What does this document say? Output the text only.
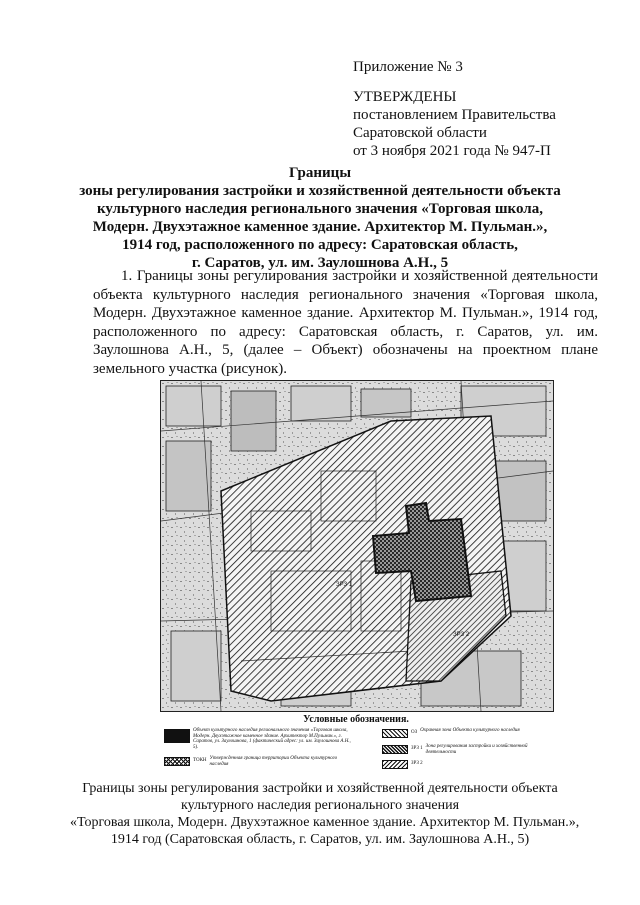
Приложение № 3
УТВЕРЖДЕНЫ
постановлением Правительства
Саратовской области
от 3 ноября 2021 года № 947-П
Границы
зоны регулирования застройки и хозяйственной деятельности объекта
культурного наследия регионального значения «Торговая школа,
Модерн. Двухэтажное каменное здание. Архитектор М. Пульман.»,
1914 год, расположенного по адресу: Саратовская область,
г. Саратов, ул. им. Заулошнова А.Н., 5
1. Границы зоны регулирования застройки и хозяйственной деятельности объекта культурного наследия регионального значения «Торговая школа, Модерн. Двухэтажное каменное здание. Архитектор М. Пульман.», 1914 год, расположенного по адресу: Саратовская область, г. Саратов, ул. им. Заулошнова А.Н., 5, (далее – Объект) обозначены на проектном плане земельного участка (рисунок).
ЗРЗ 1
ЗРЗ 2
Условные обозначения.
Объект культурного наследия регионального значения «Торговая школа, Модерн. Двухэтажное каменное здание. Архитектор М.Пульман.», г. Саратов, ул. Заулошнова, 1 (фактический адрес: ул. им. Заулошнова А.Н., 5).
ТОКН Утвержденная граница территории Объекта культурного наследия
ОЗ Охранная зона Объекта культурного наследия
ЗРЗ 1 Зона регулирования застройки и хозяйственной деятельности
ЗРЗ 2
Границы зоны регулирования застройки и хозяйственной деятельности объекта
культурного наследия регионального значения
«Торговая школа, Модерн. Двухэтажное каменное здание. Архитектор М. Пульман.»,
1914 год (Саратовская область, г. Саратов, ул. им. Заулошнова А.Н., 5)
